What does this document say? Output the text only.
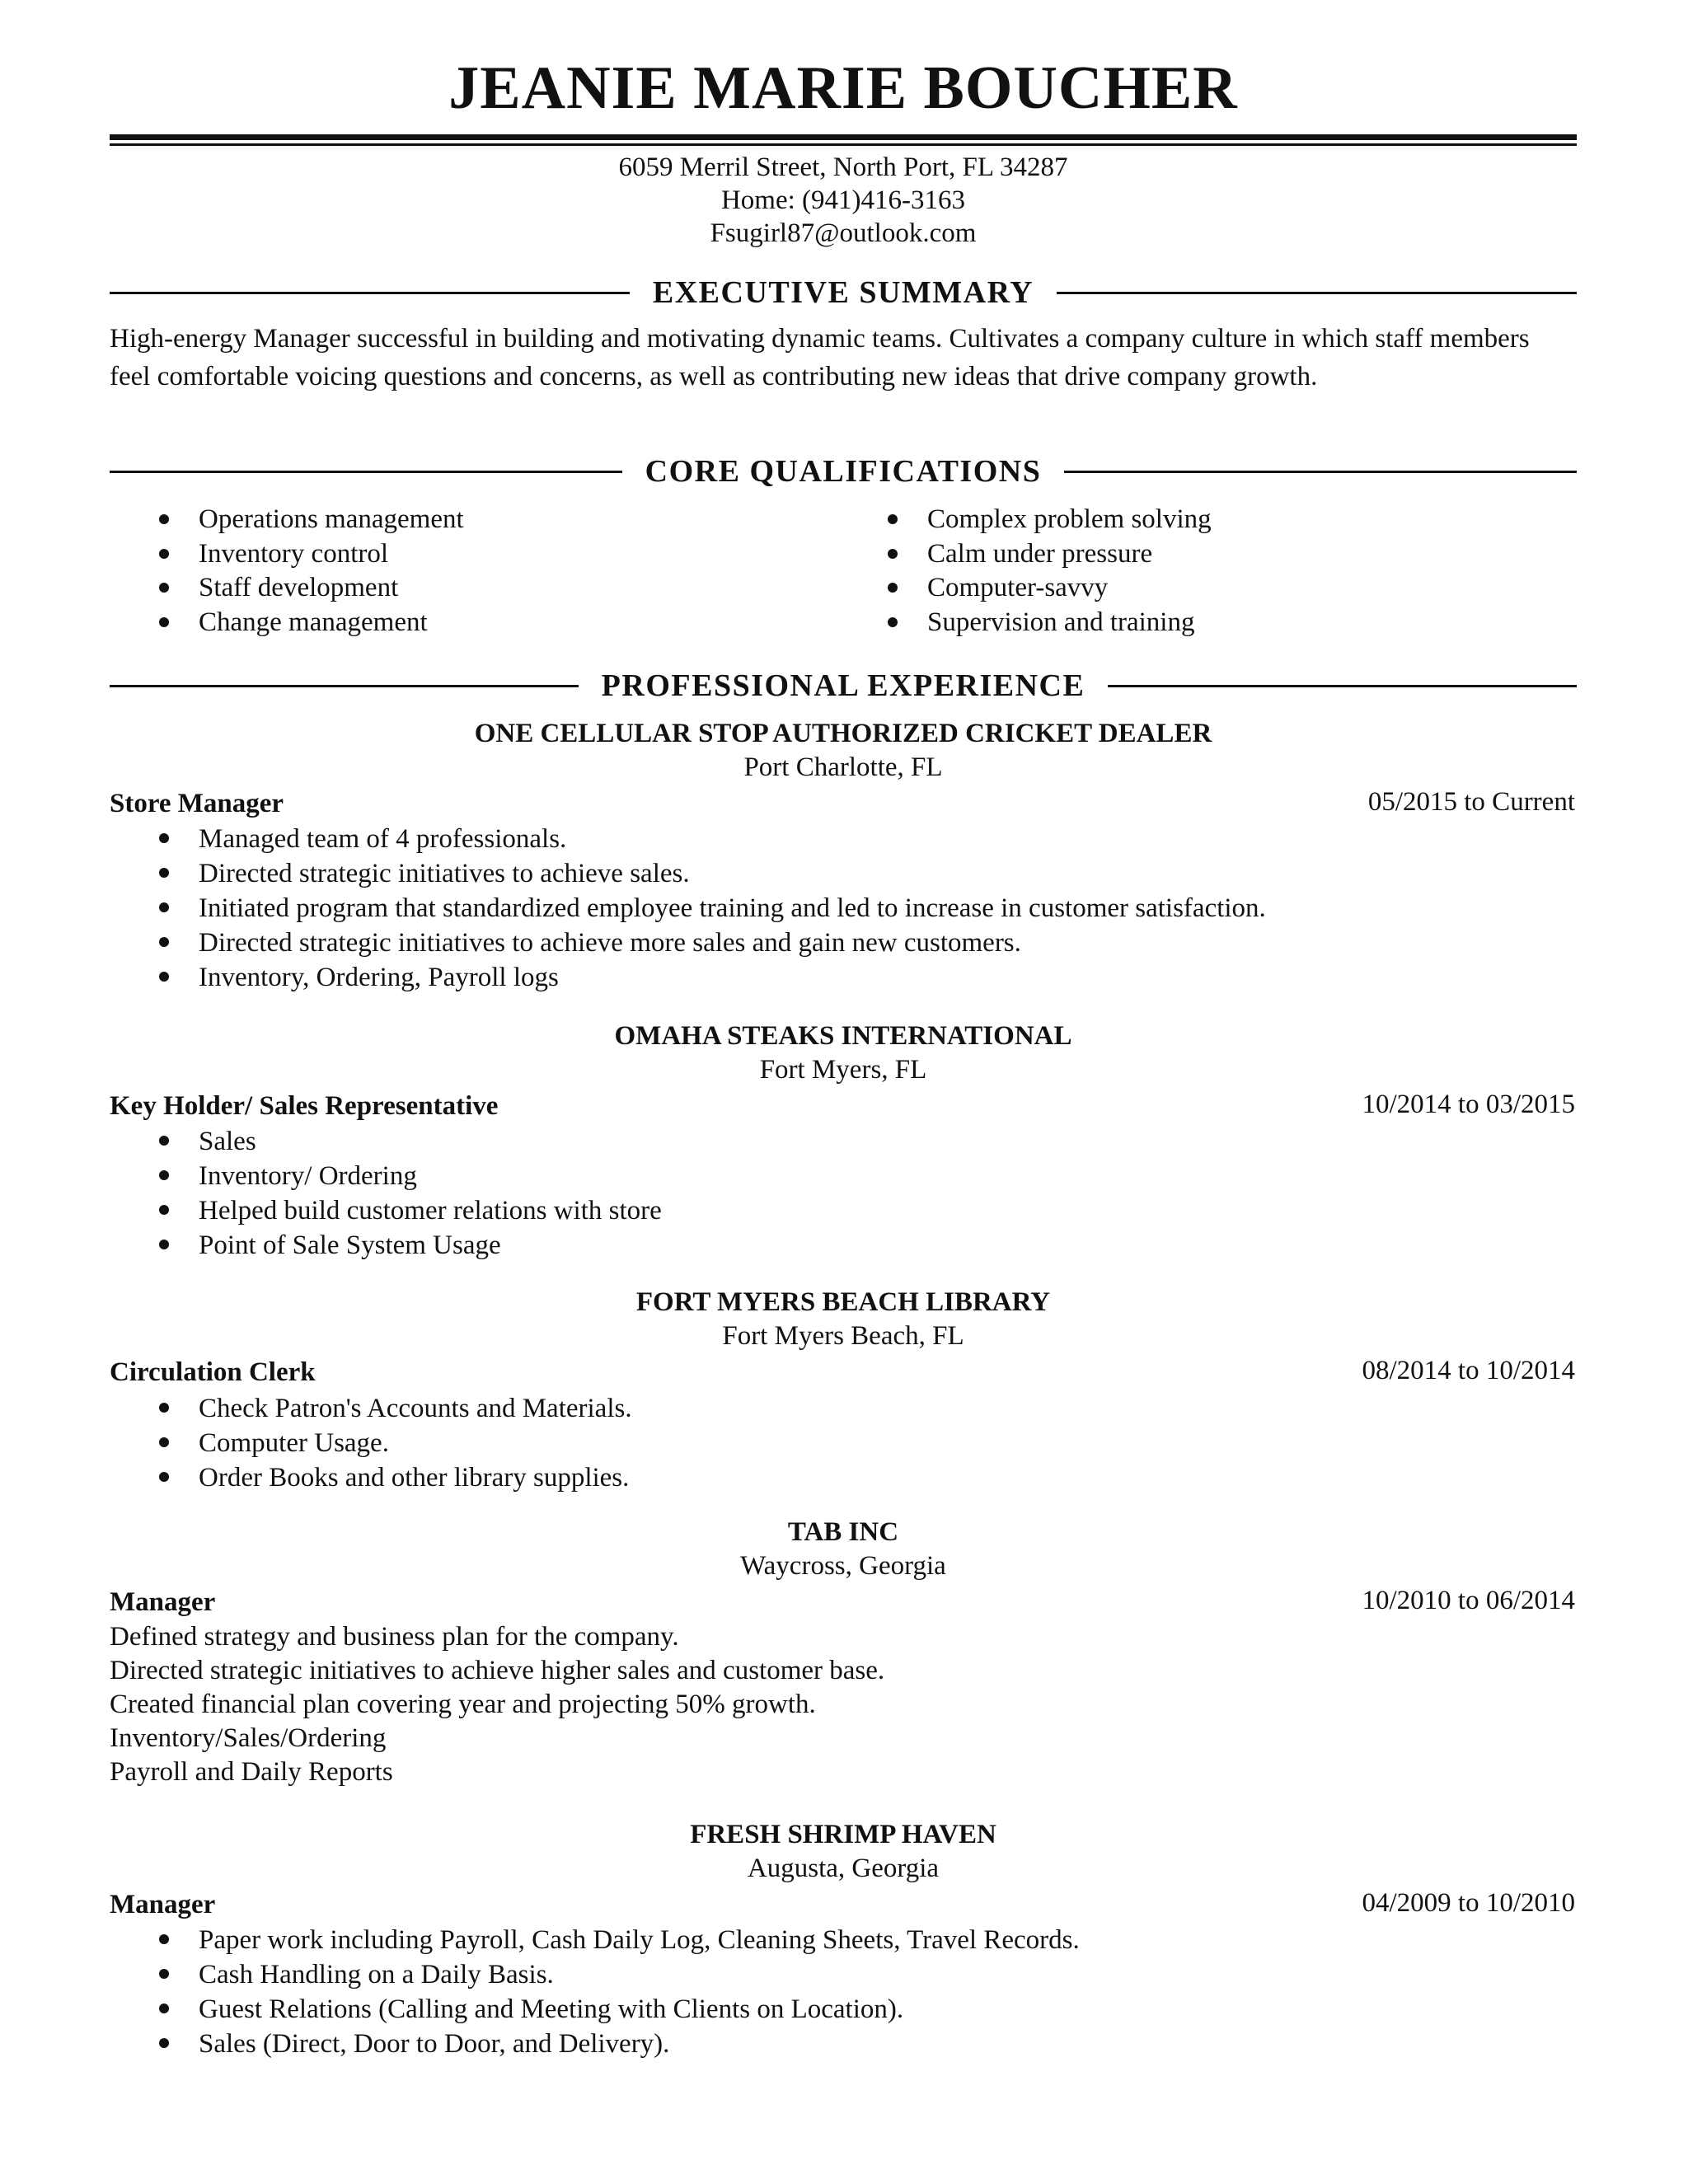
JEANIE MARIE BOUCHER
6059 Merril Street, North Port, FL 34287
Home: (941)416-3163
Fsugirl87@outlook.com
EXECUTIVE SUMMARY
High-energy Manager successful in building and motivating dynamic teams. Cultivates a company culture in which staff members feel comfortable voicing questions and concerns, as well as contributing new ideas that drive company growth.
CORE QUALIFICATIONS
Operations management
Inventory control
Staff development
Change management
Complex problem solving
Calm under pressure
Computer-savvy
Supervision and training
PROFESSIONAL EXPERIENCE
ONE CELLULAR STOP AUTHORIZED CRICKET DEALER
Port Charlotte, FL
Store Manager	05/2015 to Current
Managed team of 4 professionals.
Directed strategic initiatives to achieve sales.
Initiated program that standardized employee training and led to increase in customer satisfaction.
Directed strategic initiatives to achieve more sales and gain new customers.
Inventory, Ordering, Payroll logs
OMAHA STEAKS INTERNATIONAL
Fort Myers, FL
Key Holder/ Sales Representative	10/2014 to 03/2015
Sales
Inventory/ Ordering
Helped build customer relations with store
Point of Sale System Usage
FORT MYERS BEACH LIBRARY
Fort Myers Beach, FL
Circulation Clerk	08/2014 to 10/2014
Check Patron's Accounts and Materials.
Computer Usage.
Order Books and other library supplies.
TAB INC
Waycross, Georgia
Manager	10/2010 to 06/2014
Defined strategy and business plan for the company.
Directed strategic initiatives to achieve higher sales and customer base.
Created financial plan covering year and projecting 50% growth.
Inventory/Sales/Ordering
Payroll and Daily Reports
FRESH SHRIMP HAVEN
Augusta, Georgia
Manager	04/2009 to 10/2010
Paper work including Payroll, Cash Daily Log, Cleaning Sheets, Travel Records.
Cash Handling on a Daily Basis.
Guest Relations (Calling and Meeting with Clients on Location).
Sales (Direct, Door to Door, and Delivery).
